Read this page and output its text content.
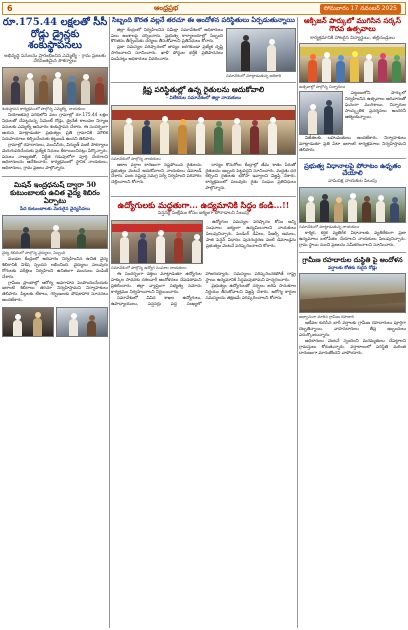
6	ఆంధ్రప్రభ	సోమవారం 17 నవంబర్ 2025
రూ.175.44 లక్షలతో సీసీ రోడ్లు డ్రైన్లకు శంకుస్థాపనలు
అభివృద్ధి పనులను ప్రారంభించిన ఎమ్మెల్యే - గ్రామ ప్రజలకు వేగవంతమైన సౌకర్యాలు
శంకుస్థాపన కార్యక్రమంలో పాల్గొన్న ఎమ్మెల్యే, నాయకులు

నియోజకవర్గ పరిధిలోని పలు గ్రామాల్లో రూ.175.44 లక్షల నిధులతో చేపట్టనున్న సిమెంట్ రోడ్లు, డ్రైనేజీ కాలువల నిర్మాణ పనులకు ఎమ్మెల్యే ఆదివారం శంకుస్థాపన చేశారు. ఈ సందర్భంగా ఆయన మాట్లాడుతూ ప్రభుత్వం ప్రతి గ్రామానికి మౌలిక సదుపాయాలు కల్పించేందుకు కట్టుబడి ఉందని తెలిపారు.

గ్రామాల్లో రహదారులు, మంచినీరు, విద్యుత్ వంటి సౌకర్యాలు మెరుగుపరిచేందుకు ప్రత్యేక నిధులు కేటాయించినట్లు పేర్కొన్నారు. పనులు నాణ్యతతో, నిర్ణీత గడువులోగా పూర్తి చేయాలని అధికారులను ఆదేశించారు. కార్యక్రమంలో స్థానిక నాయకులు, అధికారులు, గ్రామ ప్రజలు పాల్గొన్నారు.

మిషన్ ఇంద్రధనుష్ ద్వారా 50 కుటుంబాలకు ఉచిత వైద్య శిబిరం ఏర్పాటు
పేద కుటుంబాలకు మెరుగైన వైద్యసేవలు
వైద్య శిబిరంలో పాల్గొన్న వైద్యులు, సిబ్బంది

మండల కేంద్రంలో ఆదివారం నిర్వహించిన ఉచిత వైద్య శిబిరానికి విశేష స్పందన లభించింది. వైద్యులు పలువురు రోగులకు పరీక్షలు నిర్వహించి ఉచితంగా మందులు పంపిణీ చేశారు.

గ్రామీణ ప్రాంతాల్లో ఆరోగ్య అవగాహన పెంపొందించేందుకు ఇలాంటి శిబిరాలు తరచూ నిర్వహిస్తామని నిర్వాహకులు తెలిపారు. పిల్లలకు టీకాలు, గర్భిణులకు పోషకాహార సూచనలు అందజేశారు.

సిబ్బంది కొరత వల్లనే తరచూ ఈ ఆందోళన పరిస్థితులు ఏర్పడుతున్నాయి

జిల్లా కేంద్రంలో నిర్వహించిన సమీక్షా సమావేశంలో అధికారులు పలు అంశాలపై చర్చించారు. ప్రభుత్వ కార్యాలయాల్లో సిబ్బంది కొరతను తీర్చేందుకు చర్యలు తీసుకోవాలని ప్రతినిధులు కోరారు.

ప్రజా సమస్యల పరిష్కారంలో జాప్యం జరగకుండా ప్రత్యేక దృష్టి సారించాలని సూచించారు. ఖాళీ పోస్టుల భర్తీకి ప్రతిపాదనలు పంపినట్లు అధికారులు వివరించారు.

సమావేశంలో మాట్లాడుతున్న అధికారి
క్లిష్ట పరిస్థితుల్లో ఉన్న రైతులను ఆదుకోవాలి
- విలేకరుల సమావేశంలో జిల్లా నాయకులు
సమావేశంలో పాల్గొన్న నాయకులు

అకాల వర్షాల కారణంగా నష్టపోయిన రైతులను ప్రభుత్వం వెంటనే ఆదుకోవాలని నాయకులు డిమాండ్ చేశారు. పంట నష్టంపై సమగ్ర సర్వే నిర్వహించి పరిహారం చెల్లించాలని కోరారు.

ధాన్యం కొనుగోలు కేంద్రాల్లో తేమ శాతం పేరుతో రైతులను ఇబ్బంది పెట్టవద్దని సూచించారు. మద్దతు ధర కల్పించి రైతులకు భరోసా ఇవ్వాలని విజ్ఞప్తి చేశారు. కార్యక్రమంలో పలువురు రైతు సంఘం ప్రతినిధులు పాల్గొన్నారు.

ఉద్యోగులకు మద్దతుగా... ఉద్యమానికి సిద్ధం కండి...!!
పెన్షనర్ల సంక్షేమం కోసం ఐక్యంగా పోరాడాలని పిలుపు
సమావేశంలో పాల్గొన్న ఉద్యోగ సంఘాల నాయకులు

ఉద్యోగుల సమస్యల పరిష్కారం కోసం అన్ని సంఘాలు ఐక్యంగా ఉద్యమించాలని నాయకులు పిలుపునిచ్చారు. పెండింగ్ డీఏలు, పీఆర్సీ అమలు, పాత పెన్షన్ విధానం పునరుద్ధరణ వంటి డిమాండ్లను ప్రభుత్వం వెంటనే పరిష్కరించాలని కోరారు.

ఈ సందర్భంగా వక్తలు మాట్లాడుతూ ఉద్యోగుల హక్కుల సాధనకు దశలవారీ ఆందోళనలు చేపడతామని ప్రకటించారు. జిల్లా వ్యాప్తంగా సభ్యత్వ నమోదు కార్యక్రమం నిర్వహించాలని నిర్ణయించారు.

సమావేశంలో వివిధ శాఖల ఉద్యోగులు, ఉపాధ్యాయులు, పెన్షనర్లు పెద్ద సంఖ్యలో హాజరయ్యారు. సమస్యలు పరిష్కరించకపోతే రాష్ట్ర స్థాయి ఉద్యమానికి సిద్ధమవుతామని హెచ్చరించారు.

ప్రభుత్వం ఉద్యోగులతో చర్చలు జరిపి సానుకూల నిర్ణయం తీసుకోవాలని విజ్ఞప్తి చేశారు. ఆరోగ్య కార్డుల సమస్యలను తక్షణమే పరిష్కరించాలని కోరారు.

ఆక్సిజన్ పార్కులో ముగిసిన సర్కస్ గౌరవ ఉత్సవాలు
కార్యక్రమానికి హాజరైన విద్యార్థులు, తల్లిదండ్రులు
ఉత్సవాల్లో పాల్గొన్న చిన్నారులు

పట్టణంలోని పార్కులో నిర్వహించిన ఉత్సవాలు ఆదివారంతో ఘనంగా ముగిశాయి. చిన్నారుల సాంస్కృతిక ప్రదర్శనలు అందరినీ ఆకట్టుకున్నాయి.

విజేతలకు బహుమతులు అందజేశారు. నిర్వాహకులు మాట్లాడుతూ ప్రతి ఏటా ఇలాంటి కార్యక్రమాలు నిర్వహిస్తామని తెలిపారు.

ప్రభుత్వ విధానాలపై పోరాటం ఉధృతం చేయాలి
వామపక్ష నాయకుల పిలుపు
సమావేశంలో మాట్లాడుతున్న నాయకులు

కార్మిక, కర్షక వ్యతిరేక విధానాలకు వ్యతిరేకంగా ప్రజా ఉద్యమాలు బలోపేతం చేయాలని నాయకులు పిలుపునిచ్చారు. గ్రామ స్థాయి నుంచి ప్రజలను సమీకరించాలని సూచించారు.

గ్రామీణ రహదారుల దుస్థితి పై ఆందోళన
వర్షాలకు కోతకు గురైన రోడ్లు
అధ్వానంగా మారిన గ్రామీణ రహదారి

ఇటీవల కురిసిన భారీ వర్షాలకు గ్రామీణ రహదారులు పూర్తిగా దెబ్బతిన్నాయి. వాహనదారులు తీవ్ర ఇబ్బందులు ఎదుర్కొంటున్నారు.

అధికారులు వెంటనే స్పందించి మరమ్మతులు చేపట్టాలని గ్రామస్తులు కోరుతున్నారు. వర్షాకాలంలో పరిస్థితి మరింత దారుణంగా మారుతోందని వాపోయారు.
